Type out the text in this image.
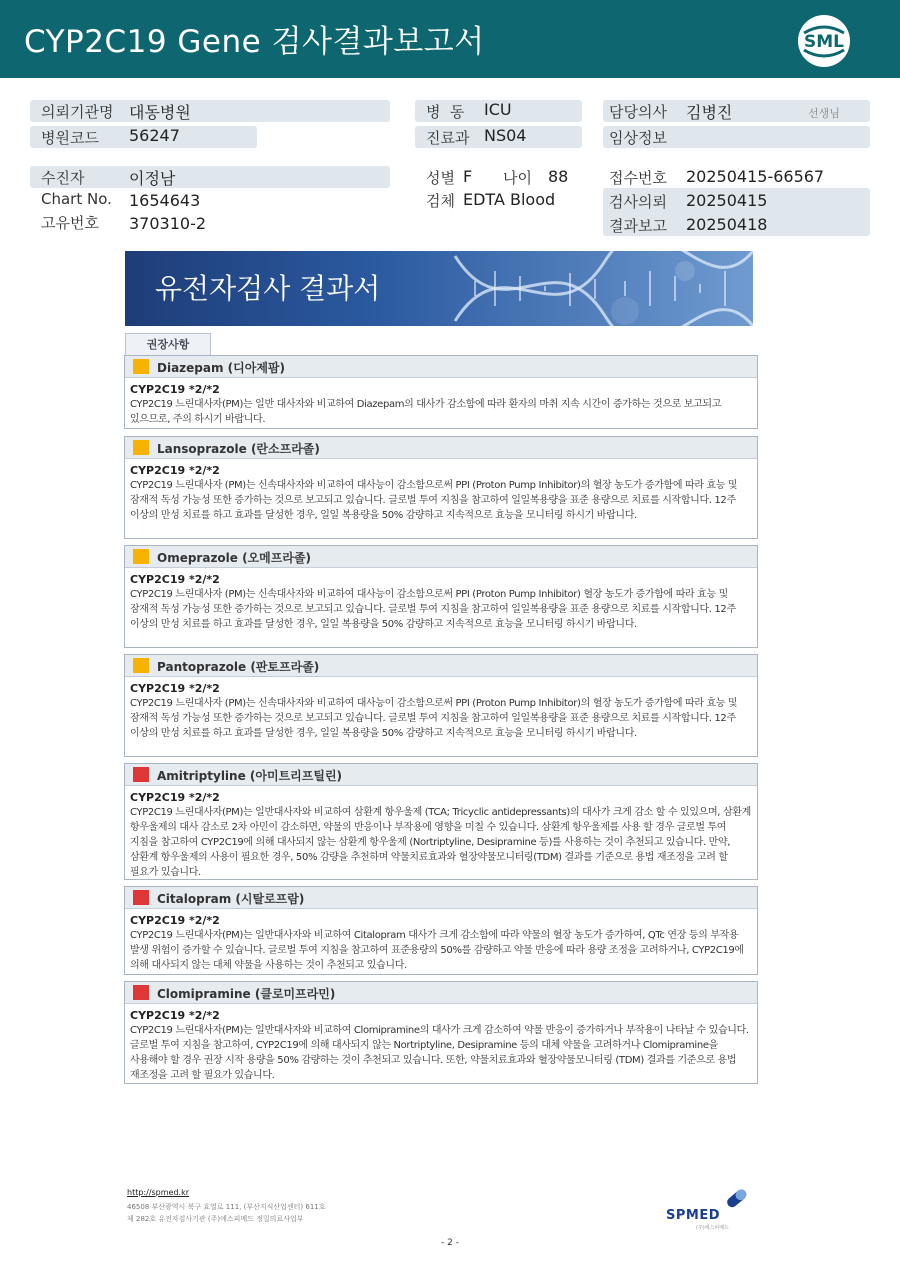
CYP2C19 Gene 검사결과보고서	SML
의뢰기관명 대동병원
병원코드 56247
병  동 ICU
진료과 NS04
담당의사 김병진	선생님
임상정보
수진자	이정남
Chart No. 1654643
고유번호 370310-2
성별 F 나이 88
검체 EDTA Blood
접수번호 20250415-66567
검사의뢰 20250415
결과보고 20250418
유전자검사 결과서
권장사항
Diazepam (디아제팜)
CYP2C19 *2/*2
CYP2C19 느린대사자(PM)는 일반 대사자와 비교하여 Diazepam의 대사가 감소함에 따라 환자의 마취 지속 시간이 증가하는 것으로 보고되고 있으므로, 주의 하시기 바랍니다.
Lansoprazole (란소프라졸)
CYP2C19 *2/*2
CYP2C19 느린대사자 (PM)는 신속대사자와 비교하여 대사능이 감소함으로써 PPI (Proton Pump Inhibitor)의 혈장 농도가 증가함에 따라 효능 및 잠재적 독성 가능성 또한 증가하는 것으로 보고되고 있습니다. 글로벌 투여 지침을 참고하여 일일복용량을 표준 용량으로 치료를 시작합니다. 12주 이상의 만성 치료를 하고 효과를 달성한 경우, 일일 복용량을 50% 감량하고 지속적으로 효능을 모니터링 하시기 바랍니다.
Omeprazole (오메프라졸)
CYP2C19 *2/*2
CYP2C19 느린대사자 (PM)는 신속대사자와 비교하여 대사능이 감소함으로써 PPI (Proton Pump Inhibitor) 혈장 농도가 증가함에 따라 효능 및 잠재적 독성 가능성 또한 증가하는 것으로 보고되고 있습니다. 글로벌 투여 지침을 참고하여 일일복용량을 표준 용량으로 치료를 시작합니다. 12주 이상의 만성 치료를 하고 효과를 달성한 경우, 일일 복용량을 50% 감량하고 지속적으로 효능을 모니터링 하시기 바랍니다.
Pantoprazole (판토프라졸)
CYP2C19 *2/*2
CYP2C19 느린대사자 (PM)는 신속대사자와 비교하여 대사능이 감소함으로써 PPI (Proton Pump Inhibitor)의 혈장 농도가 증가함에 따라 효능 및 잠재적 독성 가능성 또한 증가하는 것으로 보고되고 있습니다. 글로벌 투여 지침을 참고하여 일일복용량을 표준 용량으로 치료를 시작합니다. 12주 이상의 만성 치료를 하고 효과를 달성한 경우, 일일 복용량을 50% 감량하고 지속적으로 효능을 모니터링 하시기 바랍니다.
Amitriptyline (아미트리프틸린)
CYP2C19 *2/*2
CYP2C19 느린대사자(PM)는 일반대사자와 비교하여 삼환계 항우울제 (TCA; Tricyclic antidepressants)의 대사가 크게 감소 할 수 있있으며, 삼환계 항우울제의 대사 감소로 2차 아민이 감소하면, 약물의 반응이나 부작용에 영향을 미칠 수 있습니다. 삼환계 항우울제를 사용 할 경우 글로벌 투여 지침을 참고하여 CYP2C19에 의해 대사되지 않는 삼환계 항우울제 (Nortriptyline, Desipramine 등)를 사용하는 것이 추천되고 있습니다. 만약, 삼환계 항우울제의 사용이 필요한 경우, 50% 감량을 추천하며 약물치료효과와 혈장약물모니터링(TDM) 결과를 기준으로 용법 재조정을 고려 할 필요가 있습니다.
Citalopram (시탈로프람)
CYP2C19 *2/*2
CYP2C19 느린대사자(PM)는 일반대사자와 비교하여 Citalopram 대사가 크게 감소함에 따라 약물의 혈장 농도가 증가하여, QTc 연장 등의 부작용 발생 위험이 증가할 수 있습니다. 글로벌 투여 지침을 참고하여 표준용량의 50%를 감량하고 약물 반응에 따라 용량 조정을 고려하거나, CYP2C19에 의해 대사되지 않는 대체 약물을 사용하는 것이 추천되고 있습니다.
Clomipramine (클로미프라민)
CYP2C19 *2/*2
CYP2C19 느린대사자(PM)는 일반대사자와 비교하여 Clomipramine의 대사가 크게 감소하여 약물 반응이 증가하거나 부작용이 나타날 수 있습니다. 글로벌 투여 지침을 참고하여, CYP2C19에 의해 대사되지 않는 Nortriptyline, Desipramine 등의 대체 약물을 고려하거나 Clomipramine을 사용해야 할 경우 권장 시작 용량을 50% 감량하는 것이 추천되고 있습니다. 또한, 약물치료효과와 혈장약물모니터링 (TDM) 결과를 기준으로 용법 재조정을 고려 할 필요가 있습니다.
http://spmed.kr
46508 부산광역시 북구 효열로 111, (부산지식산업센터) 611호
제 282호 유전자검사기관 (주)에스피메드 정밀의료사업부
- 2 -
SPMED
(주)에스피메드
